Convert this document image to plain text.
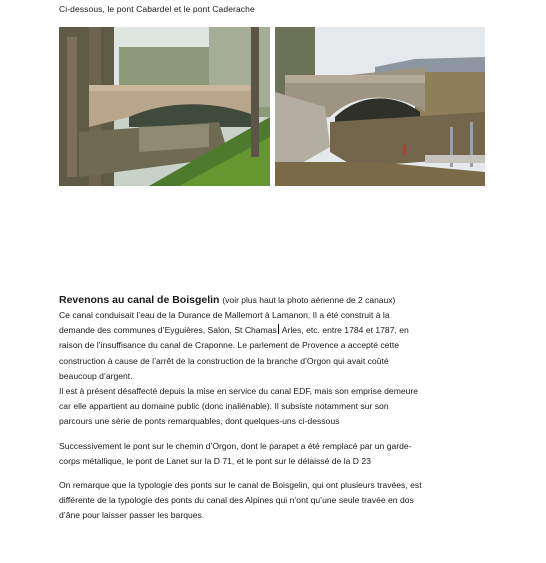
Ci-dessous, le pont Cabardel et le pont Caderache
Revenons au canal de Boisgelin (voir plus haut la photo aérienne de 2 canaux)

Ce canal conduisait l’eau de la Durance de Mallemort à Lamanon. Il a été construit à la
demande des communes d’Eyguières, Salon, St Chamas Arles, etc. entre 1784 et 1787, en
raison de l’insuffisance du canal de Craponne. Le parlement de Provence a accepté cette
construction à cause de l’arrêt de la construction de la branche d’Orgon qui avait coûté
beaucoup d’argent.

Il est à présent désaffecté depuis la mise en service du canal EDF, mais son emprise demeure
car elle appartient au domaine public (donc inaliénable). Il subsiste notamment sur son
parcours une série de ponts remarquables, dont quelques-uns ci-dessous

Successivement le pont sur le chemin d’Orgon, dont le parapet a été remplacé par un garde-
corps métallique, le pont de Lanet sur la D 71, et le pont sur le délaissé de la D 23

On remarque que la typologie des ponts sur le canal de Boisgelin, qui ont plusieurs travées, est
différente de la typologie des ponts du canal des Alpines qui n’ont qu’une seule travée en dos
d’âne pour laisser passer les barques.
